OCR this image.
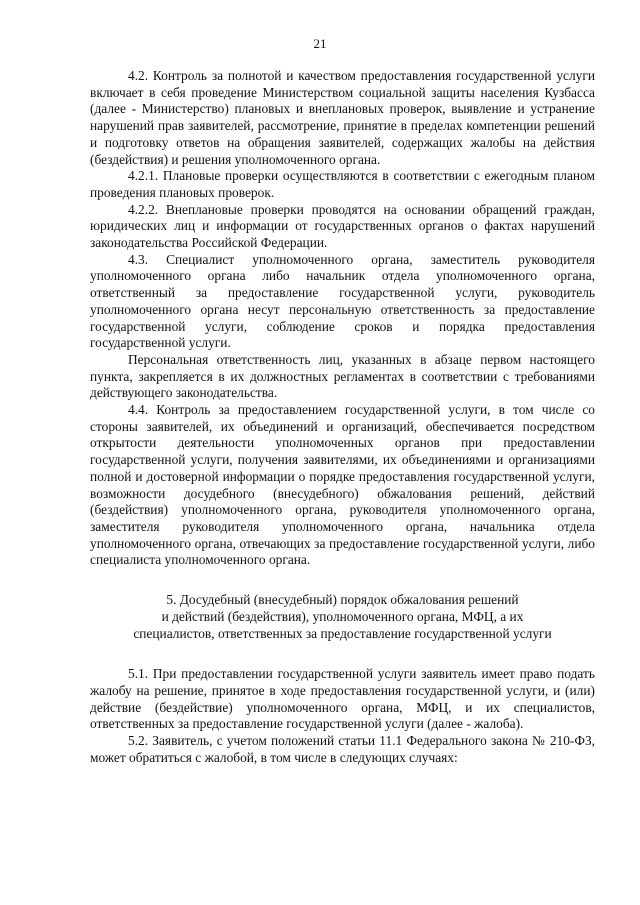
21

4.2. Контроль за полнотой и качеством предоставления государственной услуги включает в себя проведение Министерством социальной защиты населения Кузбасса (далее - Министерство) плановых и внеплановых проверок, выявление и устранение нарушений прав заявителей, рассмотрение, принятие в пределах компетенции решений и подготовку ответов на обращения заявителей, содержащих жалобы на действия (бездействия) и решения уполномоченного органа.

4.2.1. Плановые проверки осуществляются в соответствии с ежегодным планом проведения плановых проверок.

4.2.2. Внеплановые проверки проводятся на основании обращений граждан, юридических лиц и информации от государственных органов о фактах нарушений законодательства Российской Федерации.

4.3. Специалист уполномоченного органа, заместитель руководителя уполномоченного органа либо начальник отдела уполномоченного органа, ответственный за предоставление государственной услуги, руководитель уполномоченного органа несут персональную ответственность за предоставление государственной услуги, соблюдение сроков и порядка предоставления государственной услуги.

Персональная ответственность лиц, указанных в абзаце первом настоящего пункта, закрепляется в их должностных регламентах в соответствии с требованиями действующего законодательства.

4.4. Контроль за предоставлением государственной услуги, в том числе со стороны заявителей, их объединений и организаций, обеспечивается посредством открытости деятельности уполномоченных органов при предоставлении государственной услуги, получения заявителями, их объединениями и организациями полной и достоверной информации о порядке предоставления государственной услуги, возможности досудебного (внесудебного) обжалования решений, действий (бездействия) уполномоченного органа, руководителя уполномоченного органа, заместителя руководителя уполномоченного органа, начальника отдела уполномоченного органа, отвечающих за предоставление государственной услуги, либо специалиста уполномоченного органа.

5. Досудебный (внесудебный) порядок обжалования решений
и действий (бездействия), уполномоченного органа, МФЦ, а их
специалистов, ответственных за предоставление государственной услуги

5.1. При предоставлении государственной услуги заявитель имеет право подать жалобу на решение, принятое в ходе предоставления государственной услуги, и (или) действие (бездействие) уполномоченного органа, МФЦ, и их специалистов, ответственных за предоставление государственной услуги (далее - жалоба).

5.2. Заявитель, с учетом положений статьи 11.1 Федерального закона № 210-ФЗ, может обратиться с жалобой, в том числе в следующих случаях:
